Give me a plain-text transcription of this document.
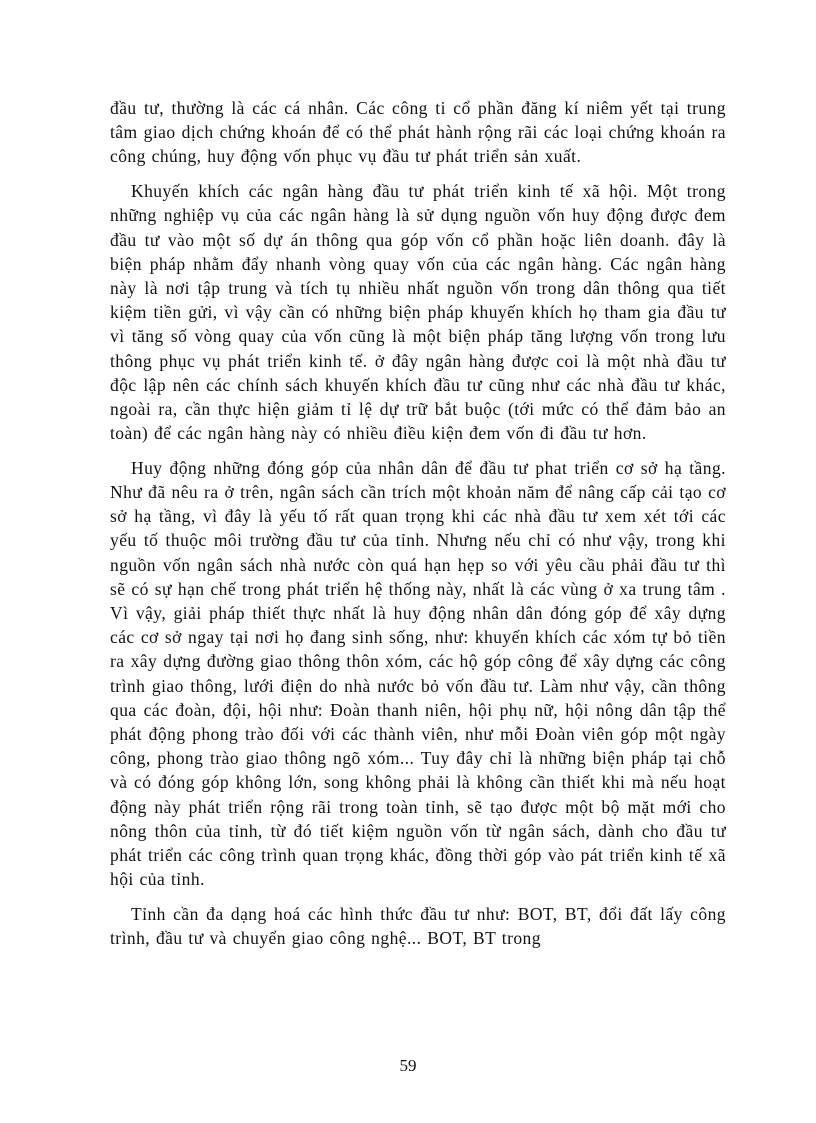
đầu tư, thường là các cá nhân. Các công ti cổ phần đăng kí niêm yết tại trung tâm giao dịch chứng khoán để có thể phát hành rộng rãi các loại chứng khoán ra công chúng, huy động vốn phục vụ đầu tư phát triển sản xuất.

Khuyến khích các ngân hàng đầu tư phát triển kinh tế xã hội. Một trong những nghiệp vụ của các ngân hàng là sử dụng nguồn vốn huy động được đem đầu tư vào một số dự án thông qua góp vốn cổ phần hoặc liên doanh. đây là biện pháp nhằm đẩy nhanh vòng quay vốn của các ngân hàng. Các ngân hàng này là nơi tập trung và tích tụ nhiều nhất nguồn vốn trong dân thông qua tiết kiệm tiền gửi, vì vậy cần có những biện pháp khuyến khích họ tham gia đầu tư vì tăng số vòng quay của vốn cũng là một biện pháp tăng lượng vốn trong lưu thông phục vụ phát triển kinh tế. ở đây ngân hàng được coi là một nhà đầu tư độc lập nên các chính sách khuyến khích đầu tư cũng như các nhà đầu tư khác, ngoài ra, cần thực hiện giảm tỉ lệ dự trữ bắt buộc (tới mức có thể đảm bảo an toàn) để các ngân hàng này có nhiều điều kiện đem vốn đi đầu tư hơn.

Huy động những đóng góp của nhân dân để đầu tư phat triển cơ sở hạ tầng. Như đã nêu ra ở trên, ngân sách cần trích một khoản năm để nâng cấp cải tạo cơ sở hạ tầng, vì đây là yếu tố rất quan trọng khi các nhà đầu tư xem xét tới các yếu tố thuộc môi trường đầu tư của tỉnh. Nhưng nếu chỉ có như vậy, trong khi nguồn vốn ngân sách nhà nước còn quá hạn hẹp so với yêu cầu phải đầu tư thì sẽ có sự hạn chế trong phát triển hệ thống này, nhất là các vùng ở xa trung tâm . Vì vậy, giải pháp thiết thực nhất là huy động nhân dân đóng góp để xây dựng các cơ sở ngay tại nơi họ đang sinh sống, như: khuyến khích các xóm tự bỏ tiền ra xây dựng đường giao thông thôn xóm, các hộ góp công để xây dựng các công trình giao thông, lưới điện do nhà nước bỏ vốn đầu tư. Làm như vậy, cần thông qua các đoàn, đội, hội như: Đoàn thanh niên, hội phụ nữ, hội nông dân tập thể phát động phong trào đối với các thành viên, như mỗi Đoàn viên góp một ngày công, phong trào giao thông ngõ xóm... Tuy đây chỉ là những biện pháp tại chỗ và có đóng góp không lớn, song không phải là không cần thiết khi mà nếu hoạt động này phát triển rộng rãi trong toàn tỉnh, sẽ tạo được một bộ mặt mới cho nông thôn của tỉnh, từ đó tiết kiệm nguồn vốn từ ngân sách, dành cho đầu tư phát triển các công trình quan trọng khác, đồng thời góp vào pát triển kinh tế xã hội của tỉnh.

Tỉnh cần đa dạng hoá các hình thức đầu tư như: BOT, BT, đổi đất lấy công trình, đầu tư và chuyển giao công nghệ... BOT, BT trong

59
